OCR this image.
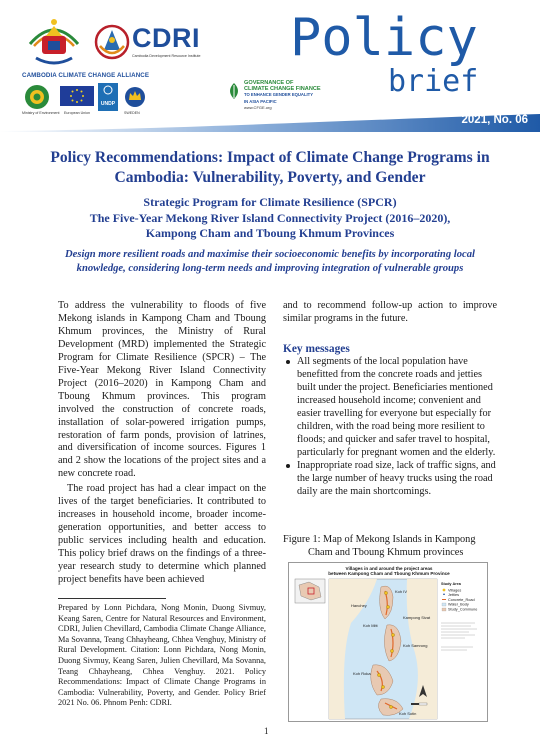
CDRI
Cambodia Development Resource Institute
CAMBODIA CLIMATE CHANGE ALLIANCE
Ministry of Environment European Union
UNDP
SWEDEN
GOVERNANCE OF
CLIMATE CHANGE FINANCE
TO ENHANCE GENDER EQUALITY
IN ASIA PACIFIC
www.CFGE.org
Policy
brief
2021, No. 06
Policy Recommendations: Impact of Climate Change Programs in Cambodia: Vulnerability, Poverty, and Gender
Strategic Program for Climate Resilience (SPCR)
The Five-Year Mekong River Island Connectivity Project (2016–2020),
Kampong Cham and Tboung Khmum Provinces
Design more resilient roads and maximise their socioeconomic benefits by incorporating local knowledge, considering long-term needs and improving integration of vulnerable groups

To address the vulnerability to floods of five Mekong islands in Kampong Cham and Tboung Khmum provinces, the Ministry of Rural Development (MRD) implemented the Strategic Program for Climate Resilience (SPCR) – The Five-Year Mekong River Island Connectivity Project (2016–2020) in Kampong Cham and Tboung Khmum provinces. This program involved the construction of concrete roads, installation of solar-powered irrigation pumps, restoration of farm ponds, provision of latrines, and diversification of income sources. Figures 1 and 2 show the locations of the project sites and a new concrete road.

The road project has had a clear impact on the lives of the target beneficiaries. It contributed to increases in household income, broader income-generation opportunities, and better access to public services including health and education. This policy brief draws on the findings of a three-year research study to determine which planned project benefits have been achieved

Prepared by Lonn Pichdara, Nong Monin, Duong Sivmuy, Keang Saren, Centre for Natural Resources and Environment, CDRI, Julien Chevillard, Cambodia Climate Change Alliance, Ma Sovanna, Teang Chhayheang, Chhea Venghuy, Ministry of Rural Development. Citation: Lonn Pichdara, Nong Monin, Duong Sivmuy, Keang Saren, Julien Chevillard, Ma Sovanna, Teang Chhayheang, Chhea Venghuy. 2021. Policy Recommendations: Impact of Climate Change Programs in Cambodia: Vulnerability, Poverty, and Gender. Policy Brief 2021 No. 06. Phnom Penh: CDRI.

and to recommend follow-up action to improve similar programs in the future.

Key messages
All segments of the local population have benefitted from the concrete roads and jetties built under the project. Beneficiaries mentioned increased household income; convenient and easier travelling for everyone but especially for children, with the road being more resilient to floods; and quicker and safer travel to hospital, particularly for pregnant women and the elderly.
Inappropriate road size, lack of traffic signs, and the large number of heavy trucks using the road daily are the main shortcomings.
Figure 1: Map of Mekong Islands in Kampong
Cham and Tboung Khmum provinces
Villages in and around the project areas
between Kampong Cham and Tboung Khmum Province
Koh IV
Hanchey
Koh Mitt
Kampong Sivat
Koh Samrong
Koh Roka
Koh Sotin
Study Area
Villages
Jetties
Concrete_Road
Water_Body
Study_Commune
1
